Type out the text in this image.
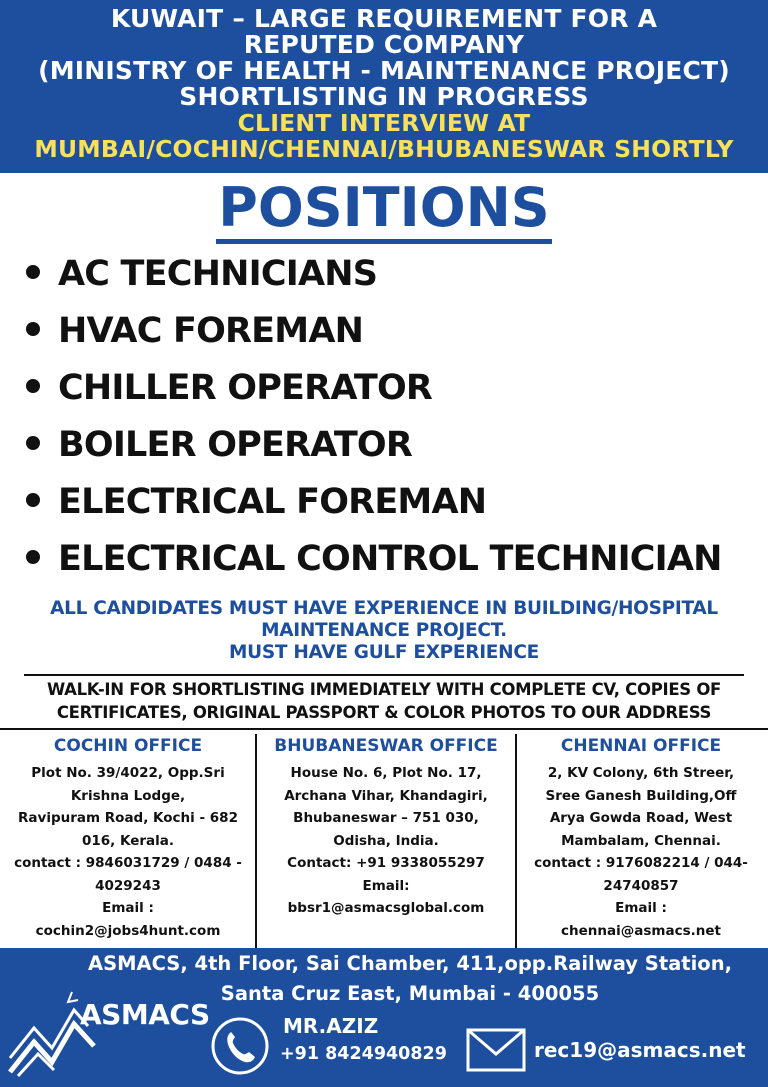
KUWAIT – LARGE REQUIREMENT FOR A
REPUTED COMPANY
(MINISTRY OF HEALTH - MAINTENANCE PROJECT)
SHORTLISTING IN PROGRESS
CLIENT INTERVIEW AT
MUMBAI/COCHIN/CHENNAI/BHUBANESWAR SHORTLY
POSITIONS
AC TECHNICIANS
HVAC FOREMAN
CHILLER OPERATOR
BOILER OPERATOR
ELECTRICAL FOREMAN
ELECTRICAL CONTROL TECHNICIAN
ALL CANDIDATES MUST HAVE EXPERIENCE IN BUILDING/HOSPITAL
MAINTENANCE PROJECT.
MUST HAVE GULF EXPERIENCE
WALK-IN FOR SHORTLISTING IMMEDIATELY WITH COMPLETE CV, COPIES OF
CERTIFICATES, ORIGINAL PASSPORT & COLOR PHOTOS TO OUR ADDRESS
COCHIN OFFICE
Plot No. 39/4022, Opp.Sri
Krishna Lodge,
Ravipuram Road, Kochi - 682
016, Kerala.
contact : 9846031729 / 0484 -
4029243
Email :
cochin2@jobs4hunt.com
BHUBANESWAR OFFICE
House No. 6, Plot No. 17,
Archana Vihar, Khandagiri,
Bhubaneswar – 751 030,
Odisha, India.
Contact: +91 9338055297
Email:
bbsr1@asmacsglobal.com
CHENNAI OFFICE
2, KV Colony, 6th Streer,
Sree Ganesh Building,Off
Arya Gowda Road, West
Mambalam, Chennai.
contact : 9176082214 / 044-
24740857
Email :
chennai@asmacs.net
ASMACS, 4th Floor, Sai Chamber, 411,opp.Railway Station,
Santa Cruz East, Mumbai - 400055
ASMACS	MR.AZIZ
+91 8424940829	rec19@asmacs.net
